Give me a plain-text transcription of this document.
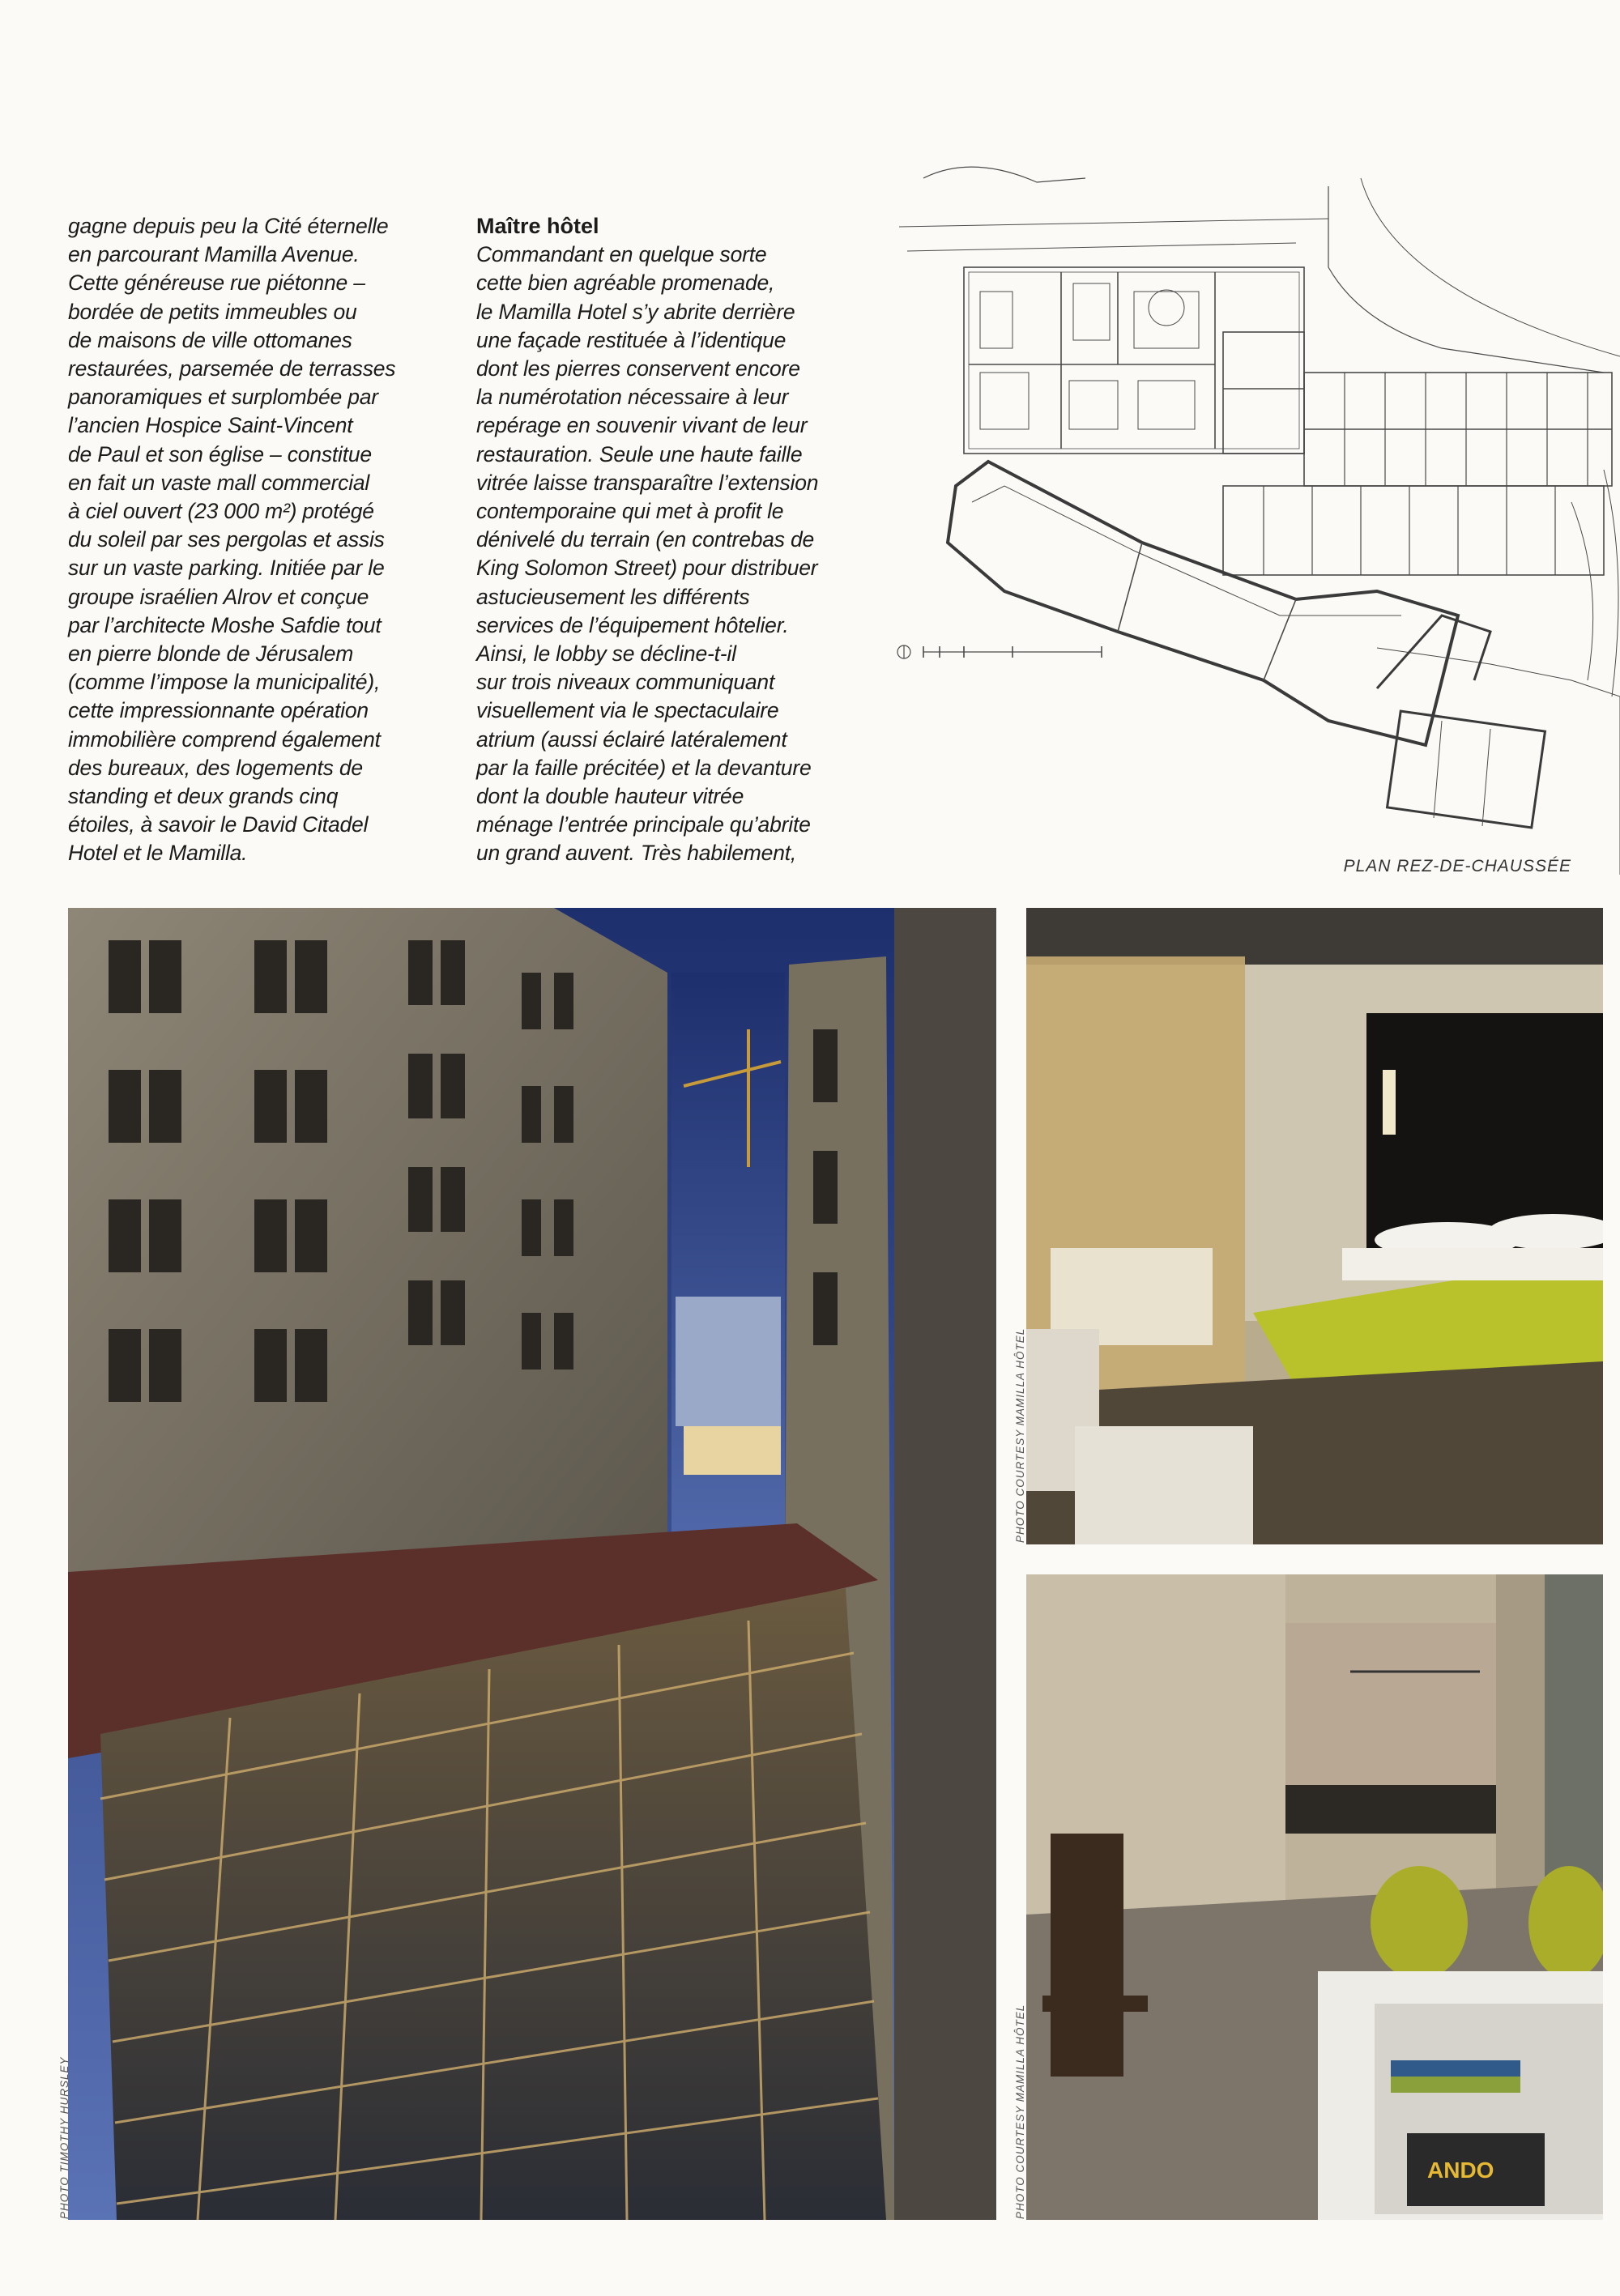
gagne depuis peu la Cité éternelle
en parcourant Mamilla Avenue.
Cette généreuse rue piétonne –
bordée de petits immeubles ou
de maisons de ville ottomanes
restaurées, parsemée de terrasses
panoramiques et surplombée par
l’ancien Hospice Saint-Vincent
de Paul et son église – constitue
en fait un vaste mall commercial
à ciel ouvert (23 000 m²) protégé
du soleil par ses pergolas et assis
sur un vaste parking. Initiée par le
groupe israélien Alrov et conçue
par l’architecte Moshe Safdie tout
en pierre blonde de Jérusalem
(comme l’impose la municipalité),
cette impressionnante opération
immobilière comprend également
des bureaux, des logements de
standing et deux grands cinq
étoiles, à savoir le David Citadel
Hotel et le Mamilla.

Maître hôtel

Commandant en quelque sorte
cette bien agréable promenade,
le Mamilla Hotel s’y abrite derrière
une façade restituée à l’identique
dont les pierres conservent encore
la numérotation nécessaire à leur
repérage en souvenir vivant de leur
restauration. Seule une haute faille
vitrée laisse transparaître l’extension
contemporaine qui met à profit le
dénivelé du terrain (en contrebas de
King Solomon Street) pour distribuer
astucieusement les différents
services de l’équipement hôtelier.
Ainsi, le lobby se décline-t-il
sur trois niveaux communiquant
visuellement via le spectaculaire
atrium (aussi éclairé latéralement
par la faille précitée) et la devanture
dont la double hauteur vitrée
ménage l’entrée principale qu’abrite
un grand auvent. Très habilement,

PLAN REZ-DE-CHAUSSÉE
PHOTO TIMOTHY HURSLEY
PHOTO COURTESY MAMILLA HÔTEL
ANDO
PHOTO COURTESY MAMILLA HÔTEL
